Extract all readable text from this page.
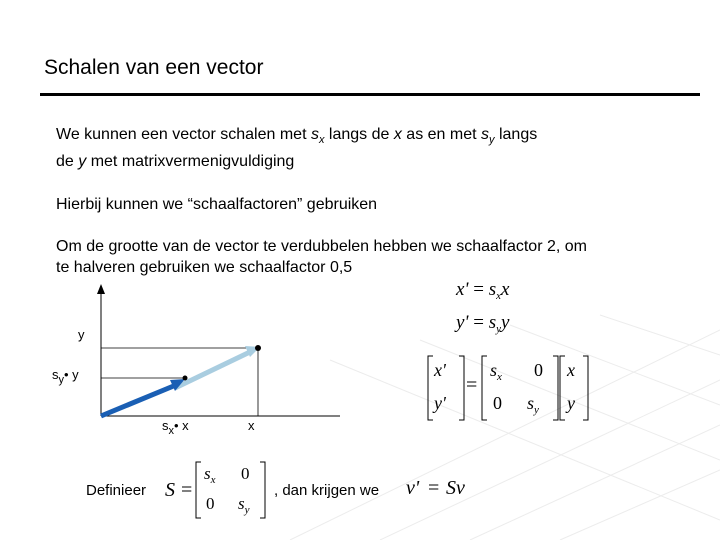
Schalen van een vector
We kunnen een vector schalen met $s_x$ langs de x as en met $s_y$ langs
de y met matrixvermenigvuldiging
Hierbij kunnen we “schaalfactoren” gebruiken
Om de grootte van de vector te verdubbelen hebben we schaalfactor 2, om
te halveren gebruiken we schaalfactor 0,5
y
$s_y•$ y
$s_x•$ x	x
$x' = s_xx$
$y' = s_yy$
x'
y'
=
$s_x$ 0
0 $s_y$
x
y
Definieer S =
$s_x$ 0
0 $s_y$
, dan krijgen we v' = Sv
